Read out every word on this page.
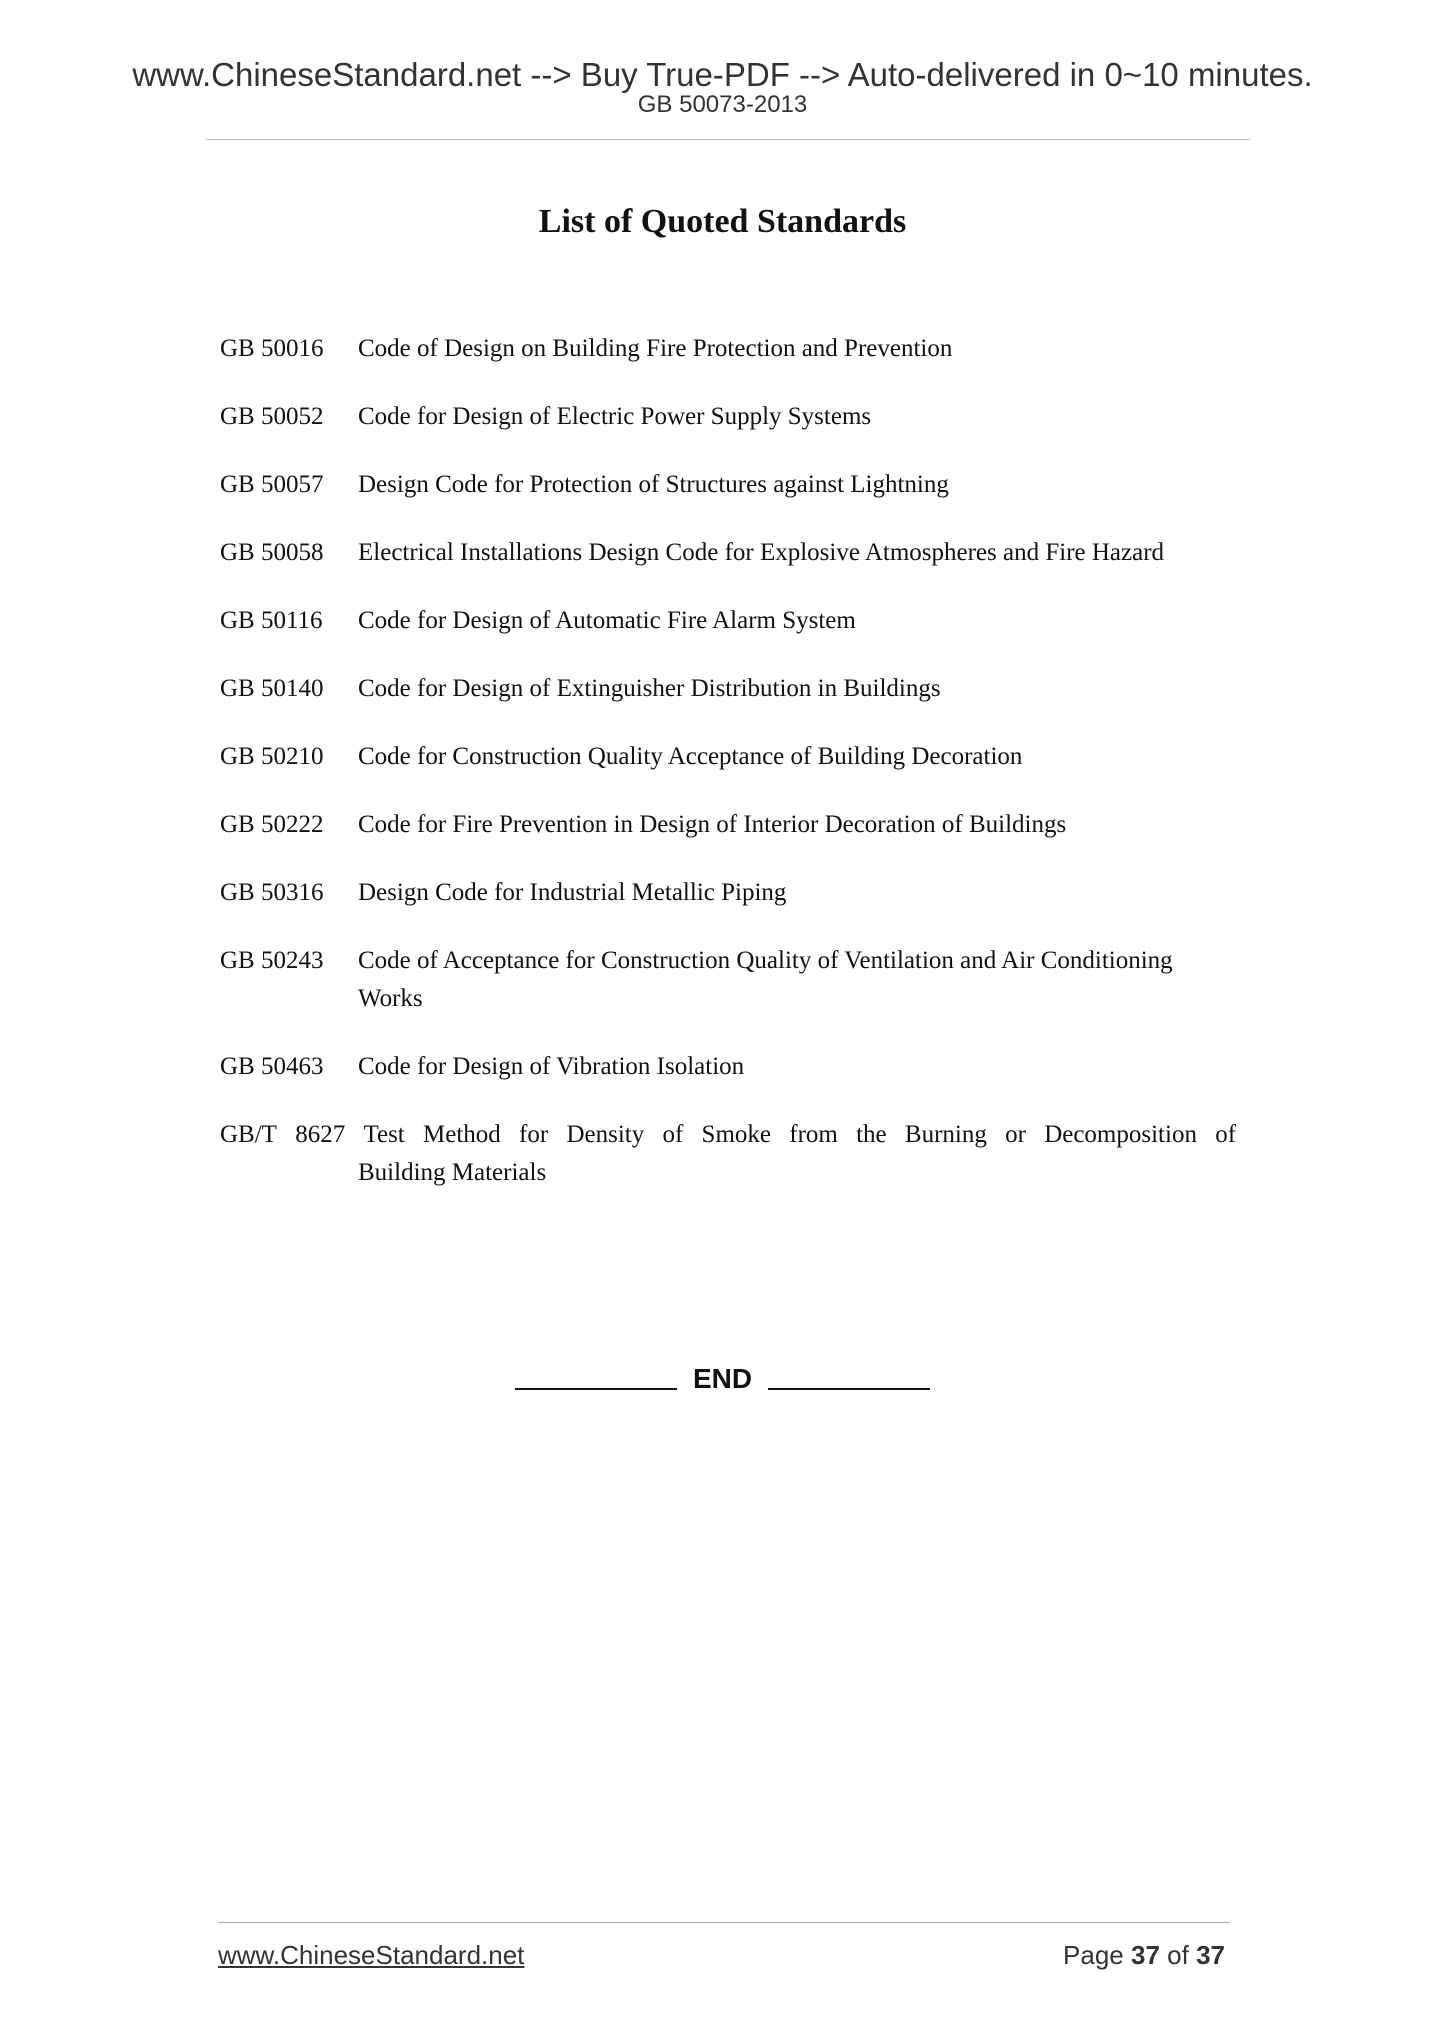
www.ChineseStandard.net --> Buy True-PDF --> Auto-delivered in 0~10 minutes.
GB 50073-2013
List of Quoted Standards
GB 50016	Code of Design on Building Fire Protection and Prevention
GB 50052	Code for Design of Electric Power Supply Systems
GB 50057	Design Code for Protection of Structures against Lightning
GB 50058	Electrical Installations Design Code for Explosive Atmospheres and Fire Hazard
GB 50116	Code for Design of Automatic Fire Alarm System
GB 50140	Code for Design of Extinguisher Distribution in Buildings
GB 50210	Code for Construction Quality Acceptance of Building Decoration
GB 50222	Code for Fire Prevention in Design of Interior Decoration of Buildings
GB 50316	Design Code for Industrial Metallic Piping
GB 50243	Code of Acceptance for Construction Quality of Ventilation and Air Conditioning Works
GB 50463	Code for Design of Vibration Isolation
GB/T 8627 Test Method for Density of Smoke from the Burning or Decomposition of
Building Materials
END
www.ChineseStandard.net	Page 37 of 37
